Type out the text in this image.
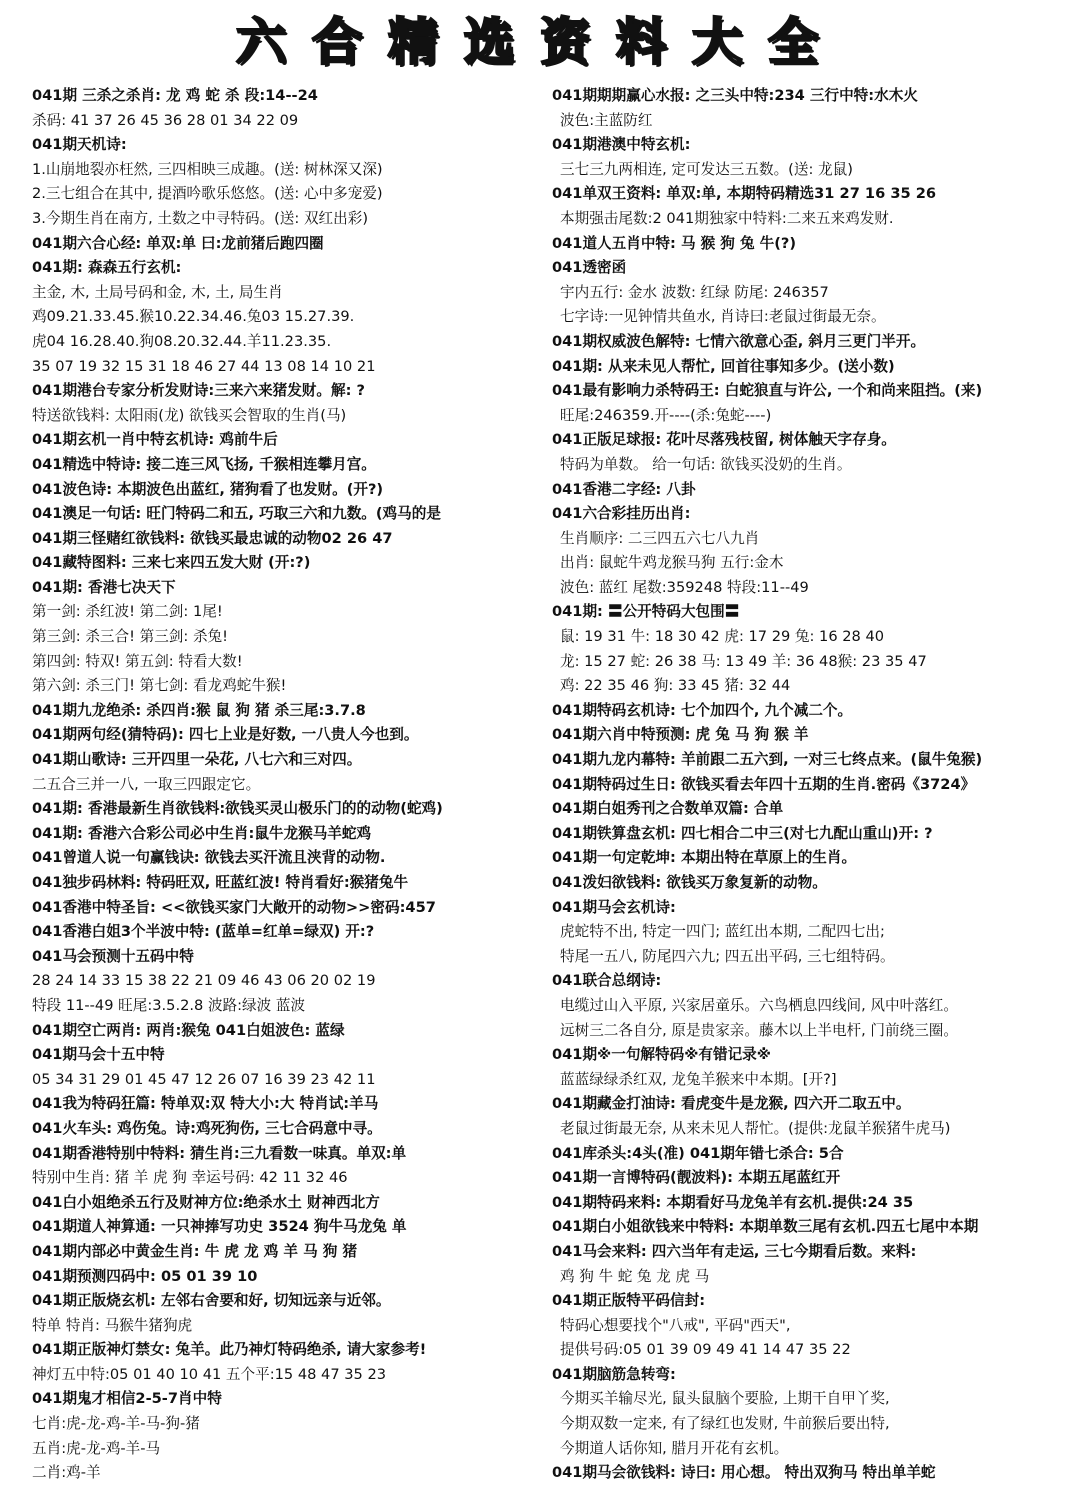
六合精选资料大全
041期 三杀之杀肖: 龙 鸡 蛇 杀 段:14--24
杀码: 41 37 26 45 36 28 01 34 22 09
041期天机诗:
1.山崩地裂亦枉然, 三四相映三成趣。(送: 树林深又深)
2.三七组合在其中, 提酒吟歌乐悠悠。(送: 心中多宠爱)
3.今期生肖在南方, 土数之中寻特码。(送: 双红出彩)
041期六合心经: 单双:单 曰:龙前猪后跑四圈
041期: 森森五行玄机:
主金, 木, 土局号码和金, 木, 土, 局生肖
鸡09.21.33.45.猴10.22.34.46.兔03 15.27.39.
虎04 16.28.40.狗08.20.32.44.羊11.23.35.
35 07 19 32 15 31 18 46 27 44 13 08 14 10 21
041期港台专家分析发财诗:三来六来猪发财。解: ?
特送欲钱料: 太阳雨(龙) 欲钱买会智取的生肖(马)
041期玄机一肖中特玄机诗: 鸡前牛后
041精选中特诗: 接二连三风飞扬, 千猴相连攀月宫。
041波色诗: 本期波色出蓝红, 猪狗看了也发财。(开?)
041澳足一句话: 旺门特码二和五, 巧取三六和九数。(鸡马的是
041期三怪赌红欲钱料: 欲钱买最忠诚的动物02 26 47
041藏特图料: 三来七来四五发大财 (开:?)
041期: 香港七决天下
第一剑: 杀红波! 第二剑: 1尾!
第三剑: 杀三合! 第三剑: 杀兔!
第四剑: 特双! 第五剑: 特看大数!
第六剑: 杀三门! 第七剑: 看龙鸡蛇牛猴!
041期九龙绝杀: 杀四肖:猴 鼠 狗 猪 杀三尾:3.7.8
041期两句经(猜特码): 四七上业是好数, 一八贵人今也到。
041期山歌诗: 三开四里一朵花, 八七六和三对四。
二五合三并一八, 一取三四跟定它。
041期: 香港最新生肖欲钱料:欲钱买灵山极乐门的的动物(蛇鸡)
041期: 香港六合彩公司必中生肖:鼠牛龙猴马羊蛇鸡
041曾道人说一句赢钱诀: 欲钱去买汗流且浃背的动物.
041独步码林料: 特码旺双, 旺蓝红波! 特肖看好:猴猪兔牛
041香港中特圣旨: <<欲钱买家门大敞开的动物>>密码:457
041香港白姐3个半波中特: (蓝单=红单=绿双) 开:?
041马会预测十五码中特
28 24 14 33 15 38 22 21 09 46 43 06 20 02 19
特段 11--49 旺尾:3.5.2.8 波路:绿波 蓝波
041期空亡两肖: 两肖:猴兔 041白姐波色: 蓝绿
041期马会十五中特
05 34 31 29 01 45 47 12 26 07 16 39 23 42 11
041我为特码狂篇: 特单双:双 特大小:大 特肖试:羊马
041火车头: 鸡伤兔。诗:鸡死狗伤, 三七合码意中寻。
041期香港特别中特料: 猜生肖:三九看数一味真。单双:单
特别中生肖: 猪 羊 虎 狗 幸运号码: 42 11 32 46
041白小姐绝杀五行及财神方位:绝杀水土 财神西北方
041期道人神算通: 一只神捧写功史 3524 狗牛马龙兔 单
041期内部必中黄金生肖: 牛 虎 龙 鸡 羊 马 狗 猪
041期预测四码中: 05 01 39 10
041期正版烧玄机: 左邻右舍要和好, 切知远亲与近邻。
特单 特肖: 马猴牛猪狗虎
041期正版神灯禁女: 兔羊。此乃神灯特码绝杀, 请大家参考!
神灯五中特:05 01 40 10 41 五个平:15 48 47 35 23
041期鬼才相信2-5-7肖中特
七肖:虎-龙-鸡-羊-马-狗-猪
五肖:虎-龙-鸡-羊-马
二肖:鸡-羊
041期期期赢心水报: 之三头中特:234 三行中特:水木火
波色:主蓝防红
041期港澳中特玄机:
三七三九两相连, 定可发达三五数。(送: 龙鼠)
041单双王资料: 单双:单, 本期特码精选31 27 16 35 26
本期强击尾数:2 041期独家中特料:二来五来鸡发财.
041道人五肖中特: 马 猴 狗 兔 牛(?)
041透密函
宇内五行: 金水 波数: 红绿 防尾: 246357
七字诗:一见钟情共鱼水, 肖诗曰:老鼠过街最无奈。
041期权威波色解特: 七情六欲意心歪, 斜月三更门半开。
041期: 从来未见人帮忙, 回首往事知多少。(送小数)
041最有影响力杀特码王: 白蛇狼直与许公, 一个和尚来阻挡。(来)
旺尾:246359.开----(杀:兔蛇----)
041正版足球报: 花叶尽落残枝留, 树体触天字存身。
特码为单数。 给一句话: 欲钱买没奶的生肖。
041香港二字经: 八卦
041六合彩挂历出肖:
生肖顺序: 二三四五六七八九肖
出肖: 鼠蛇牛鸡龙猴马狗 五行:金木
波色: 蓝红 尾数:359248 特段:11--49
041期: 〓公开特码大包围〓
鼠: 19 31 牛: 18 30 42 虎: 17 29 兔: 16 28 40
龙: 15 27 蛇: 26 38 马: 13 49 羊: 36 48猴: 23 35 47
鸡: 22 35 46 狗: 33 45 猪: 32 44
041期特码玄机诗: 七个加四个, 九个减二个。
041期六肖中特预测: 虎 兔 马 狗 猴 羊
041期九龙内幕特: 羊前跟二五六到, 一对三七终点来。(鼠牛兔猴)
041期特码过生日: 欲钱买看去年四十五期的生肖.密码《3724》
041期白姐秀刊之合数单双篇: 合单
041期铁算盘玄机: 四七相合二中三(对七九配山重山)开: ?
041期一句定乾坤: 本期出特在草原上的生肖。
041泼妇欲钱料: 欲钱买万象复新的动物。
041期马会玄机诗:
虎蛇特不出, 特定一四门; 蓝红出本期, 二配四七出;
特尾一五八, 防尾四六九; 四五出平码, 三七组特码。
041联合总纲诗:
电缆过山入平原, 兴家居童乐。六鸟栖息四线间, 风中叶落红。
远树三二各自分, 原是贵家亲。藤木以上半电杆, 门前绕三圈。
041期※一句解特码※有错记录※
蓝蓝绿绿杀红双, 龙兔羊猴来中本期。[开?]
041期藏金打油诗: 看虎变牛是龙猴, 四六开二取五中。
老鼠过街最无奈, 从来未见人帮忙。(提供:龙鼠羊猴猪牛虎马)
041库杀头:4头(准) 041期年错七杀合: 5合
041期一言博特码(靓波料): 本期五尾蓝红开
041期特码来料: 本期看好马龙兔羊有玄机.提供:24 35
041期白小姐欲钱来中特料: 本期单数三尾有玄机.四五七尾中本期
041马会来料: 四六当年有走运, 三七今期看后数。来料:
鸡 狗 牛 蛇 兔 龙 虎 马
041期正版特平码信封:
特码心想要找个"八戒", 平码"西天",
提供号码:05 01 39 09 49 41 14 47 35 22
041期脑筋急转弯:
今期买羊输尽光, 鼠头鼠脑个要脸, 上期干自甲丫奖,
今期双数一定来, 有了绿红也发财, 牛前猴后要出特,
今期道人话你知, 腊月开花有玄机。
041期马会欲钱料: 诗曰: 用心想。 特出双狗马 特出单羊蛇
